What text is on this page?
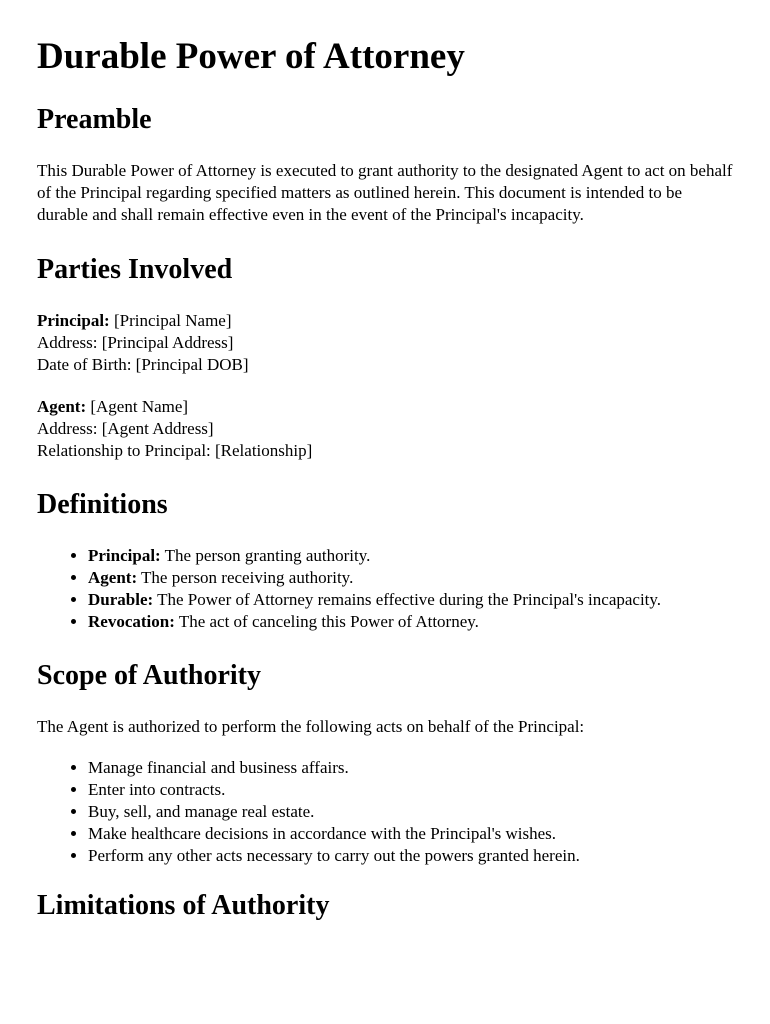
Durable Power of Attorney
Preamble

This Durable Power of Attorney is executed to grant authority to the designated Agent to act on behalf of the Principal regarding specified matters as outlined herein. This document is intended to be durable and shall remain effective even in the event of the Principal's incapacity.

Parties Involved

Principal: [Principal Name]
Address: [Principal Address]
Date of Birth: [Principal DOB]

Agent: [Agent Name]
Address: [Agent Address]
Relationship to Principal: [Relationship]

Definitions
• Principal: The person granting authority.
• Agent: The person receiving authority.
• Durable: The Power of Attorney remains effective during the Principal's incapacity.
• Revocation: The act of canceling this Power of Attorney.
Scope of Authority

The Agent is authorized to perform the following acts on behalf of the Principal:

• Manage financial and business affairs.
• Enter into contracts.
• Buy, sell, and manage real estate.
• Make healthcare decisions in accordance with the Principal's wishes.
• Perform any other acts necessary to carry out the powers granted herein.
Limitations of Authority
